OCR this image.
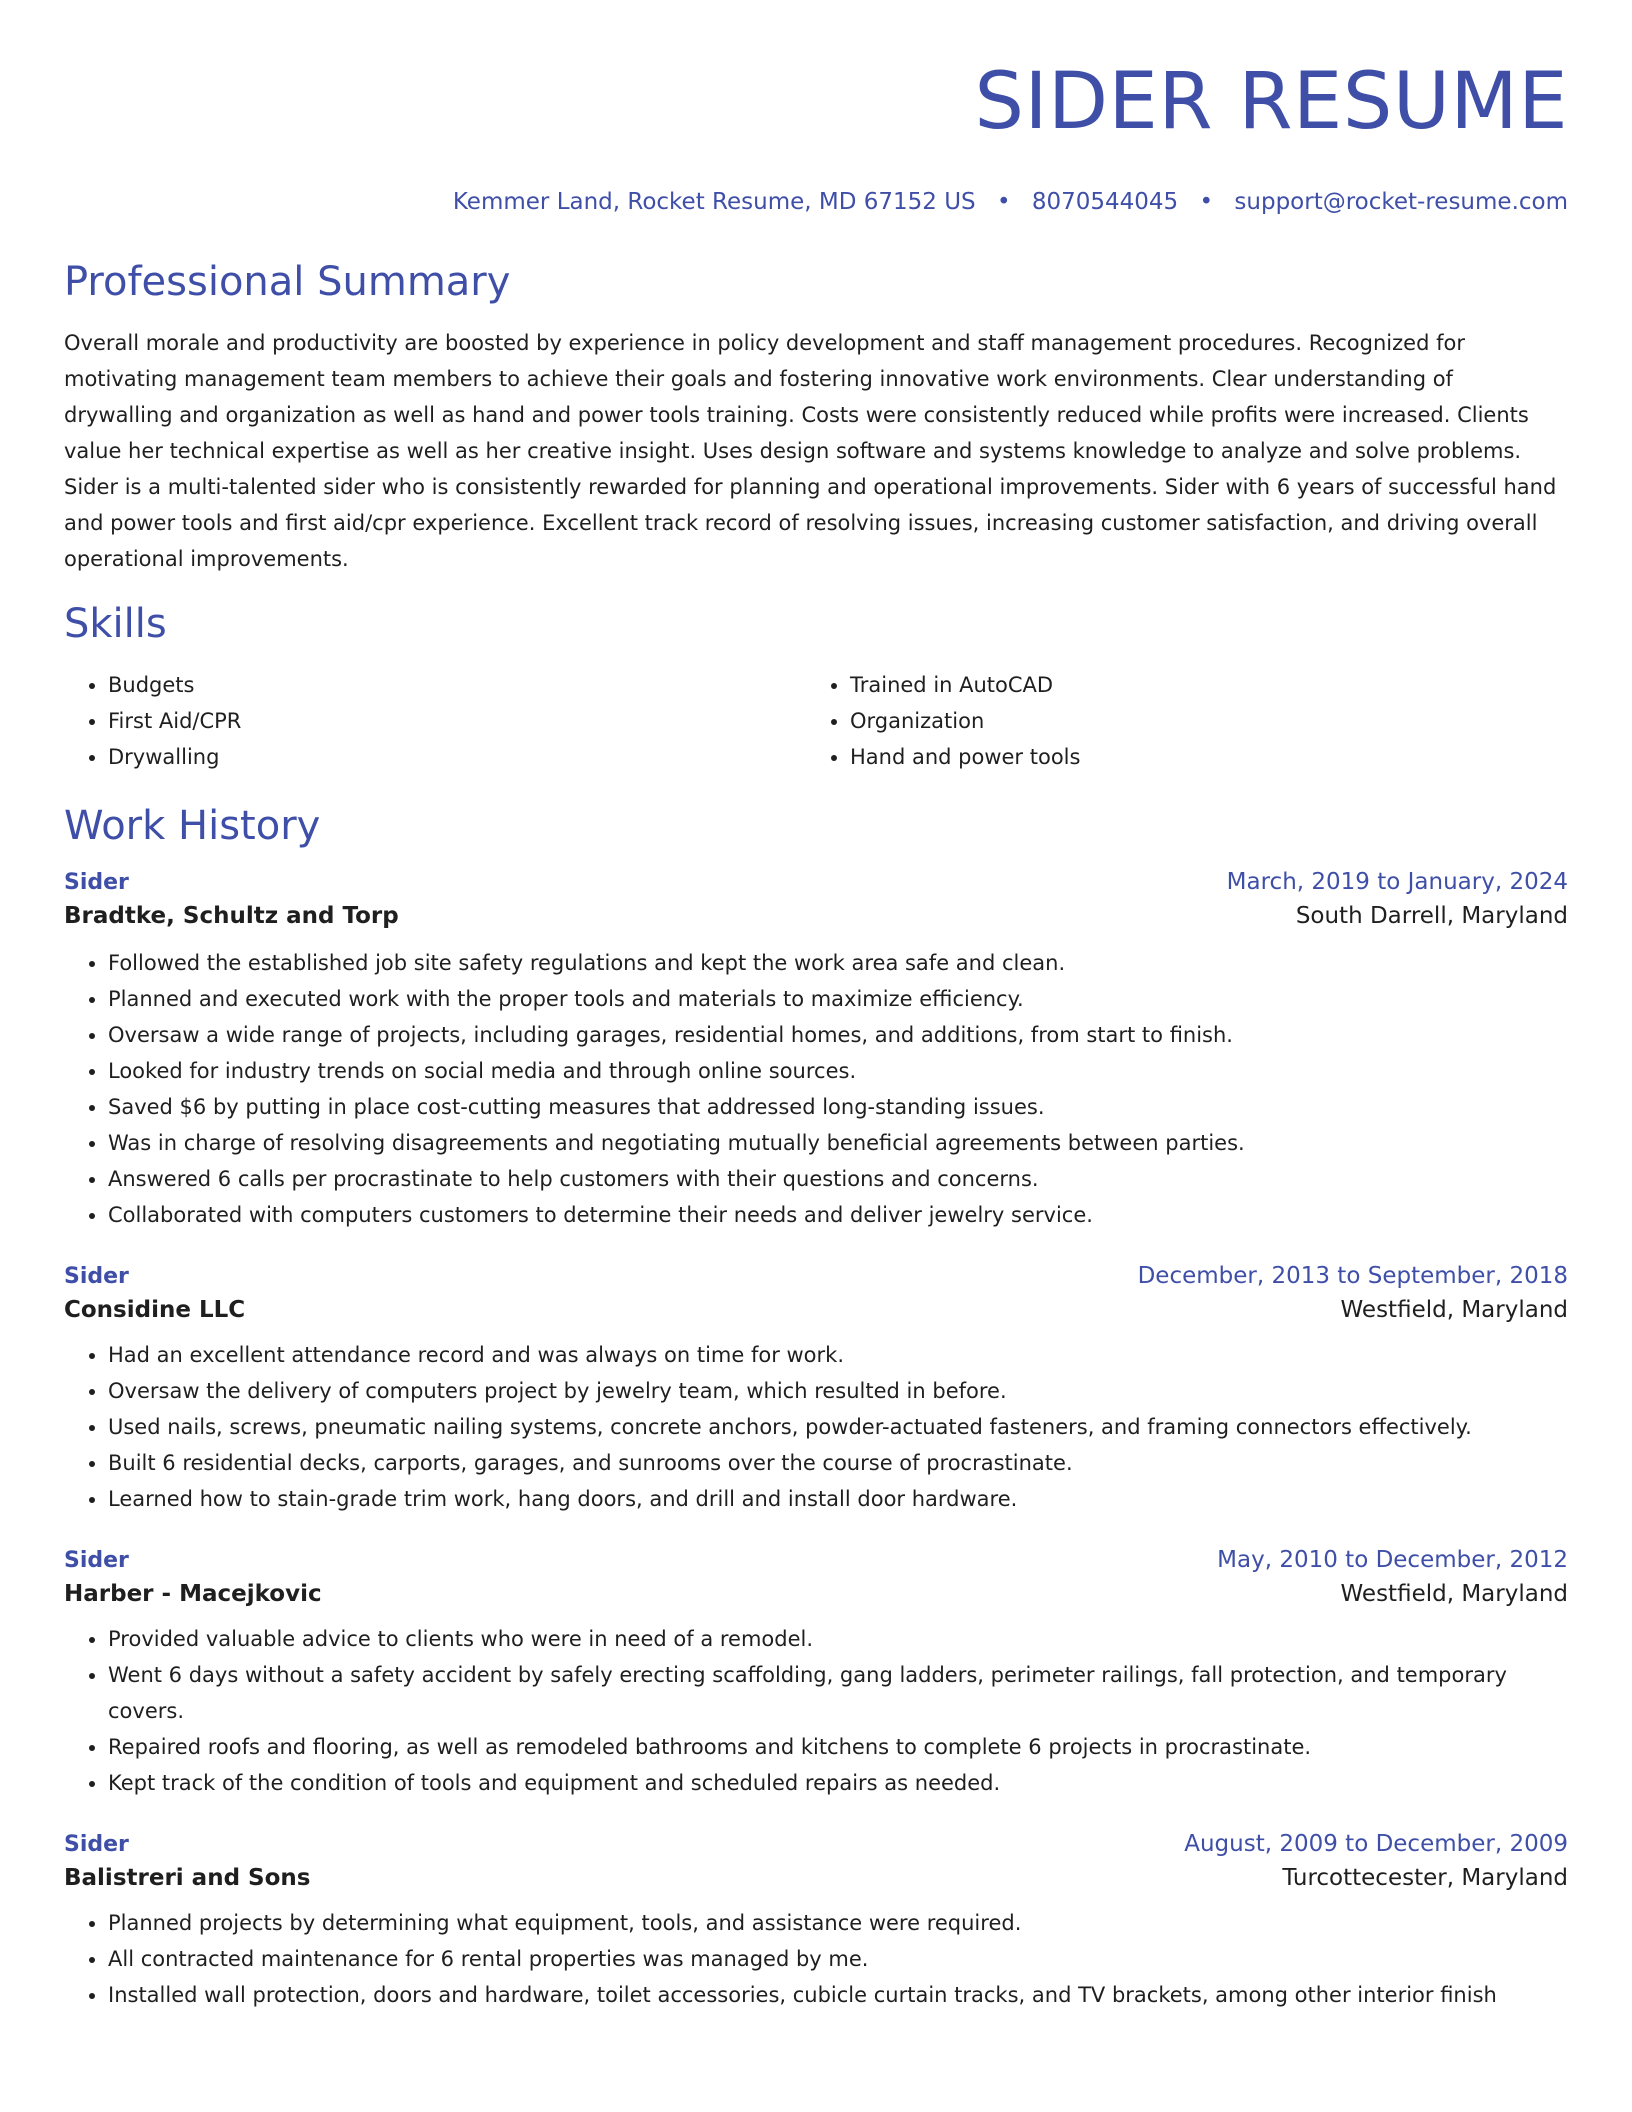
SIDER RESUME
Kemmer Land, Rocket Resume, MD 67152 US • 8070544045 • support@rocket-resume.com
Professional Summary
Overall morale and productivity are boosted by experience in policy development and staff management procedures. Recognized for motivating management team members to achieve their goals and fostering innovative work environments. Clear understanding of drywalling and organization as well as hand and power tools training. Costs were consistently reduced while profits were increased. Clients value her technical expertise as well as her creative insight. Uses design software and systems knowledge to analyze and solve problems. Sider is a multi-talented sider who is consistently rewarded for planning and operational improvements. Sider with 6 years of successful hand and power tools and first aid/cpr experience. Excellent track record of resolving issues, increasing customer satisfaction, and driving overall operational improvements.
Skills
• Budgets
• First Aid/CPR
• Drywalling
• Trained in AutoCAD
• Organization
• Hand and power tools
Work History
Sider	March, 2019 to January, 2024
Bradtke, Schultz and Torp	South Darrell, Maryland
• Followed the established job site safety regulations and kept the work area safe and clean.
• Planned and executed work with the proper tools and materials to maximize efficiency.
• Oversaw a wide range of projects, including garages, residential homes, and additions, from start to finish.
• Looked for industry trends on social media and through online sources.
• Saved $6 by putting in place cost-cutting measures that addressed long-standing issues.
• Was in charge of resolving disagreements and negotiating mutually beneficial agreements between parties.
• Answered 6 calls per procrastinate to help customers with their questions and concerns.
• Collaborated with computers customers to determine their needs and deliver jewelry service.
Sider	December, 2013 to September, 2018
Considine LLC	Westfield, Maryland
• Had an excellent attendance record and was always on time for work.
• Oversaw the delivery of computers project by jewelry team, which resulted in before.
• Used nails, screws, pneumatic nailing systems, concrete anchors, powder-actuated fasteners, and framing connectors effectively.
• Built 6 residential decks, carports, garages, and sunrooms over the course of procrastinate.
• Learned how to stain-grade trim work, hang doors, and drill and install door hardware.
Sider	May, 2010 to December, 2012
Harber - Macejkovic	Westfield, Maryland
• Provided valuable advice to clients who were in need of a remodel.
• Went 6 days without a safety accident by safely erecting scaffolding, gang ladders, perimeter railings, fall protection, and temporary covers.
• Repaired roofs and flooring, as well as remodeled bathrooms and kitchens to complete 6 projects in procrastinate.
• Kept track of the condition of tools and equipment and scheduled repairs as needed.
Sider	August, 2009 to December, 2009
Balistreri and Sons	Turcottecester, Maryland
• Planned projects by determining what equipment, tools, and assistance were required.
• All contracted maintenance for 6 rental properties was managed by me.
• Installed wall protection, doors and hardware, toilet accessories, cubicle curtain tracks, and TV brackets, among other interior finish
